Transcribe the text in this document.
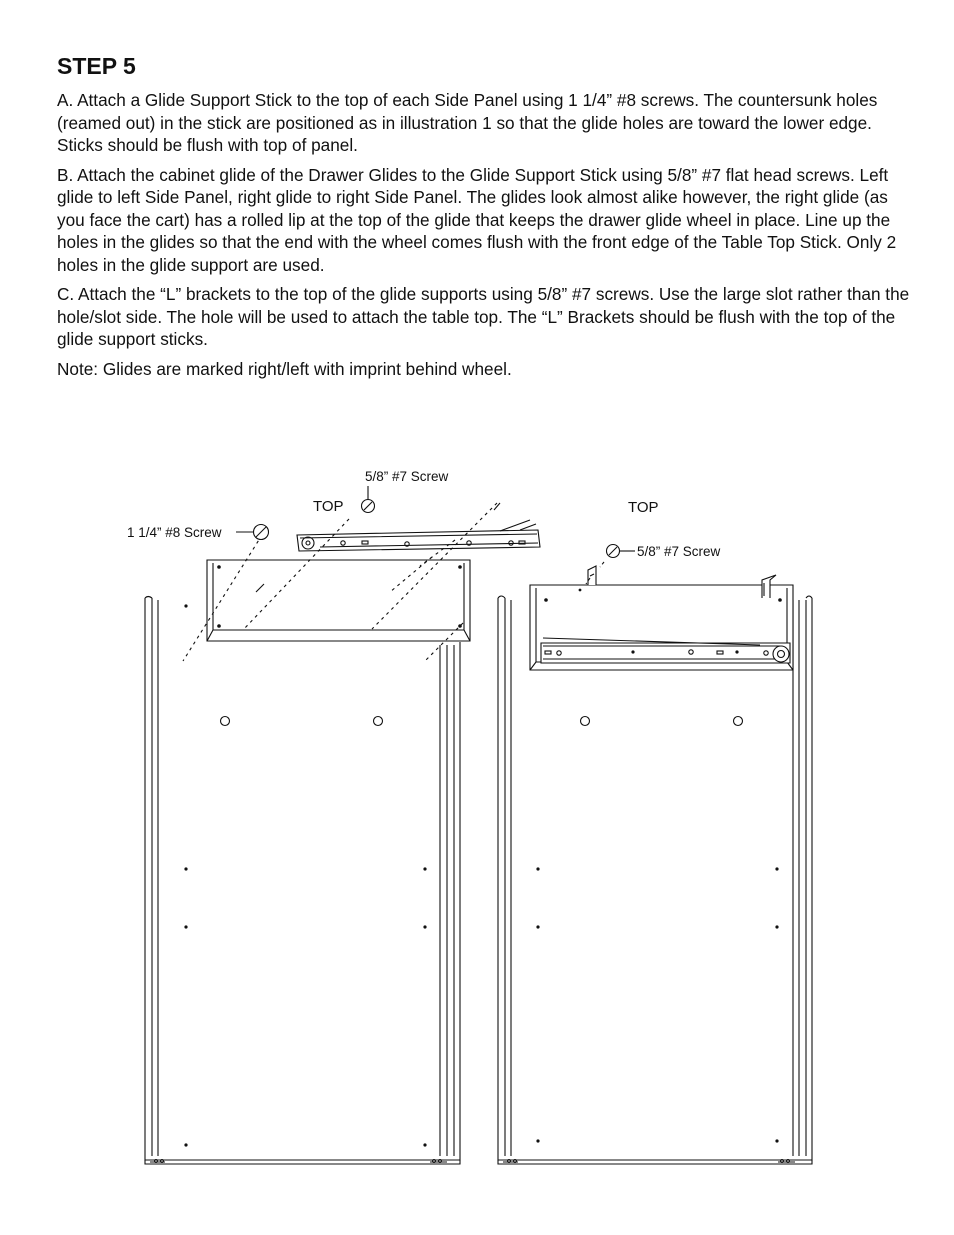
STEP 5

A. Attach a Glide Support Stick to the top of each Side Panel using 1 1/4” #8 screws. The countersunk holes (reamed out) in the stick are positioned as in illustration 1 so that the glide holes are toward the lower edge. Sticks should be flush with top of panel.

B. Attach the cabinet glide of the Drawer Glides to the Glide Support Stick using 5/8” #7 flat head screws. Left glide to left Side Panel, right glide to right Side Panel. The glides look almost alike however, the right glide (as you face the cart) has a rolled lip at the top of the glide that keeps the drawer glide wheel in place. Line up the holes in the glides so that the end with the wheel comes flush with the front edge of the Table Top Stick. Only 2 holes in the glide support are used.

C. Attach the “L” brackets to the top of the glide supports using 5/8” #7 screws. Use the large slot rather than the hole/slot side. The hole will be used to attach the table top. The “L” Brackets should be flush with the top of the glide support sticks.

Note: Glides are marked right/left with imprint behind wheel.

5/8” #7 Screw
TOP
1 1/4” #8 Screw
TOP
5/8” #7 Screw
